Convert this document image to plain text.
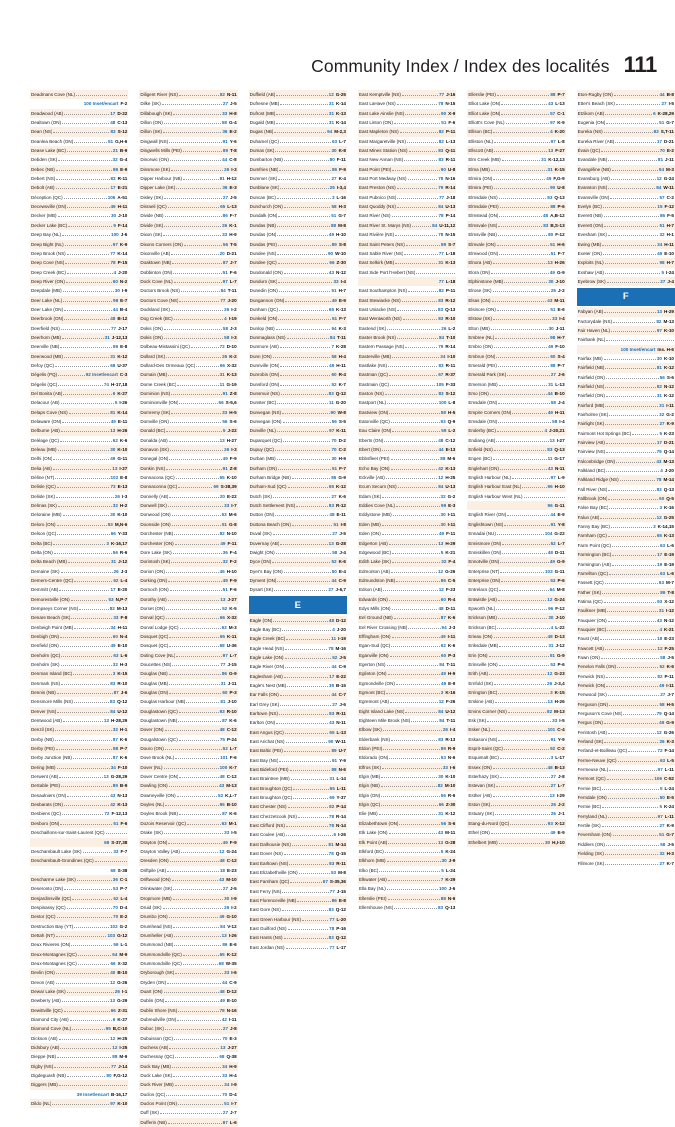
Community Index / Index des localités 111
Deadmans Cove (NL)
100 Inset/encart F-2
Deadwood (AB)	17 D-22
Dealtown (ON)	48 C-13
Dean (NS)	83 S-12
Deanlea Beach (ON)	51 G,H-6
Dease Lake (BC)	21 B-9
Debden (SK)	32 G-4
Debec (NB)	86 E-9
Debert (NS)	83 R-11
Debolt (AB)	17 E-21
Déception (QC)	106 A-51
Decewsville (ON)	49 H-11
Decker (MB)	30 J-10
Decker Lake (BC)	9 F-14
Deep Bay (NL)	100 J-6
Deep Bight (NL)	97 K-9
Deep Brook (NS)	77 K-14
Deep Cove (NS)	78 P-15
Deep Creek (BC)	4 J-20
Deep River (ON)	60 N-2
Deepdale (MB)	30 I-9
Deer Lake (NL)	98 E-7
Deer Lake (ON)	44 B-4
Deerbrook (ON)	48 B-12
Deerfield (NS)	77 J-17
Deerhorn (MB)	31 J-12,13
Deerville (NB)	86 E-8
Deerwood (MB)	31 K-12
Defoy (QC)	68 U-37
Dégelis (PQ)	92 Inset/encart C-3
Dégelis (QC)	74 H-17,18
Del Bonita (AB)	6 K-27
Delacour (AB)	5 I-26
Delaps Cove (NS)	81 K-14
Delaware (ON)	49 E-11
Delburne (AB)	13 H-26
Deléage (QC)	62 K-6
Deleau (MB)	30 K-10
Delhi (ON)	49 G-11
Delia (AB)	13 I-27
Déline (NT)	102 E-8
Delisle (QC)	73 E-13
Delisle (SK)	26 I-3
Delmas (SK)	32 H-2
Deloraine (MB)	30 K-10
Deloro (ON)	53 M,N-6
Delson (QC)	66 Y-33
Delta (BC)	3 K-16,17
Delta (ON)	56 R-6
Delta Beach (MB)	31 J-12
Demaine (SK)	26 J-3
Demers-Centre (QC)	62 L-4
Demmitt (AB)	17 E-20
Demorestville (ON)	53 N,P-7
Dempseys Corner (NS)	82 M-13
Denare Beach (SK)	33 F-8
Denbeigh Point (MB)	34 H-11
Denbigh (ON)	60 N-4
Denfield (ON)	49 E-10
Denholm (QC)	63 L-6
Denholm (SK)	32 H-3
Denman Island (BC)	3 K-15
Denmark (NS)	83 R-10
Dennis (NB)	87 J-6
Densmore Mills (NS)	83 Q-12
Denver (NS)	84 U-12
Dentwood (AB)	13 H-28,29
Denzil (SK)	32 H-1
Derby (NB)	87 K-6
Derby (PEI)	88 P-7
Derby Junction (NB)	87 K-6
Dering (MB)	34 F-10
Derwent (AB)	13 G-28,29
DeSable (PEI)	89 B-9
Desaulniers (ON)	43 N-13
Desbarats (ON)	42 K-13
Desbiens (QC)	72 F-12,13
Desboro (ON)	51 F-6
Deschaillons-sur-Saint-Laurent (QC)
68 S-37,38
Deschambault Lake (SK)	33 F-7
Deschambault-Grondines (QC)
68 S-38
Descharme Lake (SK)	36 C-1
Deseronto (ON)	53 P-7
Desjardinsville (QC)	62 L-4
Despinassy (QC)	70 D-4
Destor (QC)	70 E-2
Destruction Bay (YT)	102 G-2
Dettah (NT)	103 G-12
Deux Rivieres (ON)	59 L-1
Deux-Montagnes (QC)	64 M-9
Deux-Montagnes (QC)	66 X-32
Devlin (ON)	40 B-10
Devon (AB)	12 G-26
Dewar Lake (SK)	26 I-1
Dewberry (AB)	13 G-29
Dewittville (QC)	66 Z-31
Diamond City (AB)	6 K-27
Diamond Cove (NL)	95 B,C-10
Dickson (AB)	12 H-25
Didsbury (AB)	12 I-25
Dieppe (NB)	88 M-9
Digby (NS)	77 J-14
Digdeguash (NB)	80 F,G-12
Diggers (MB)
39 Inset/encart B-16,17
Dildo (NL)	97 K-10
Diligent River (NS)	82 N-11
Dilke (SK)	27 J-5
Dillabough (SK)	33 H-8
Dillon (ON)	58 G-4
Dillon (SK)	36 E-2
Dingwall (NS)	91 Y-6
Dingwells Mills (PEI)	89 T-8
Dinorwic (ON)	44 C-8
Dinsmore (SK)	26 I-3
Dipper Harbour (NB)	81 H-12
Dipper Lake (SK)	36 E-3
Disley (SK)	27 J-5
Disraeli (QC)	65 L-13
Divide (NB)	86 F-7
Divide (SK)	26 K-1
Dixon (SK)	33 H-9
Dixons Corners (ON)	56 T-5
Dixonville (AB)	20 D-21
Doaktown (NB)	87 J-7
Dobbinton (ON)	51 F-6
Dock Cove (NL)	97 L-7
Doctors Brook (NS)	84 T-11
Doctors Cove (NS)	77 J-20
Dodsland (SK)	26 I-2
Dog Creek (BC)	4 I-19
Dokis (ON)	58 J-3
Dokis (ON)	58 I-3
Dolbeau-Mistassini (QC)	72 D-10
Dollard (SK)	26 K-2
Dollard-Des Ormeaux (QC)	66 X-32
Domain (MB)	31 K-13
Dome Creek (BC)	11 G-19
Dominion (NS)	91 Z-8
Dominionville (ON)	56 S-5,6
Domremy (SK)	33 H-5
Domville (ON)	56 S-6
Donald (BC)	5 J-22
Donalda (AB)	13 H-27
Donavon (SK)	26 I-3
Donegal (ON)	49 F-9
Donkin (NS)	91 Z-8
Donnacona (QC)	65 K-10
Donnaconna (QC)	69 S-38,39
Donnelly (AB)	20 E-22
Donwell (SK)	33 I-7
Donwood (ON)	53 M-6
Doonside (ON)	51 G-8
Dorchester (NB)	82 N-10
Dorchester (ON)	49 F-11
Dore Lake (SK)	36 F-4
Dorintosh (SK)	32 F-2
Dorion (ON)	45 H-10
Dorking (ON)	49 F-9
Dornoch (ON)	51 F-6
Dorothy (AB)	13 J-27
Dorset (ON)	52 K-5
Dorval (QC)	66 X-32
Dorval Lodge (QC)	63 M-3
Dosquet (QC)	65 K-11
Dosquet (QC)	68 U-36
Doting Cove (NL)	97 L-7
Doucettes (NS)	77 J-15
Douglas (NB)	86 G-9
Douglas (MB)	31 J-11
Douglas (ON)	60 P-3
Douglas Harbour (NB)	81 J-10
Douglastown (QC)	93 R-10
Douglastown (NB)	87 K-6
Dover (ON)	48 C-12
Dougalstown (QC)	75 P-24
Douro (ON)	52 L-7
Dove Brook (NL)	101 F-6
Dover (NL)	100 K-7
Dover Centre (ON)	48 C-12
Dowling (ON)	43 M-13
Downeyville (ON)	52 K,L-7
Doyles (NL)	95 B-10
Doyles Brook (NB)	87 K-6
Dozois Reservoir (QC)	63 M-1
Drake (SK)	33 I-5
Drayton (ON)	49 F-9
Drayton Valley (AB)	12 G-24
Dresden (ON)	48 C-12
Driftpile (AB)	18 E-23
Driftwood (ON)	43 M-10
Drinkwater (SK)	27 J-5
Dropmore (MB)	30 I-9
Druid (SK)	26 I-2
Drumbo (ON)	49 G-10
Drumhead (NS)	84 V-12
Drumheller (AB)	13 I-26
Drummond (NB)	86 E-6
Drummondville (QC)	65 K-12
Drummondville (QC)	68 W-35
Dryborough (SK)	33 I-6
Dryden (ON)	44 C-9
Duart (ON)	48 D-12
Dublin (ON)	49 E-10
Dublin Shore (NS)	78 N-16
Dubreuilville (ON)	42 I-11
Dubuc (SK)	27 J-8
Dubuisson (QC)	70 E-3
Duchess (AB)	13 J-27
Duchesnay (QC)	68 Q-38
Duck Bay (MB)	34 H-9
Duck Lake (SK)	33 H-4
Duck River (MB)	34 I-9
Duclos (QC)	70 D-4
Duclos Point (ON)	51 I-7
Duff (SK)	27 J-7
Dufferin (NB)	87 L-6
Duffield (AB)	12 G-25
Dufresne (MB)	31 K-14
Dufrost (MB)	31 K-13
Dugald (MB)	31 K-14
Dugas (NB)	94 M-2,3
Duhamel (QC)	63 L-7
Dumas (SK)	30 K-8
Dumbarton (NB)	80 F-11
Dumfries (NB)	86 F-9
Dummer (SK)	27 K-4
Dunblane (SK)	26 I-3,4
Duncan (BC)	3 L-16
Dunchurch (ON)	58 H-3
Dundalk (ON)	51 G-7
Dundas (NB)	88 M-8
Dundas (ON)	49 H-10
Dundas (PEI)	89 S-8
Dundee (NS)	90 W-10
Dundee (QC)	66 Z-30
Dundonald (ON)	43 N-12
Dundurn (SK)	33 I-4
Dunedin (ON)	51 H-7
Dungannon (ON)	49 E-9
Dunham (QC)	65 K-13
Dunkeld (ON)	51 F-7
Dunlop (NB)	94 K-3
Dunmaglass (NS)	84 T-11
Dunmore (AB)	7 K-28
Dunn (ON)	58 H-4
Dunnville (ON)	49 H-11
Dunrobin (ON)	60 R-4
Dunsford (ON)	52 K-7
Dunsmuir (NS)	83 Q-12
Dunster (BC)	11 G-20
Dunvegan (NS)	90 W-8
Dunvegan (ON)	56 S-5
Dunville (NL)	97 K-11
Duparquet (QC)	70 D-2
Dupuy (QC)	70 C-2
Durban (MB)	30 H-9
Durham (ON)	51 F-7
Durham Bridge (NB)	86 G-9
Durham-Sud (QC)	65 K-12
Dutch (SK)	27 K-6
Dutch Settlement (NS)	83 R-12
Dutton (ON)	48 E-11
Duttona Beach (ON)	51 I-8
Duval (SK)	27 J-5
Duvernay (AB)	13 G-28
Dwight (ON)	58 J-4
Dyce (ON)	52 K-6
Dyer's Bay (ON)	50 E-4
Dyment (ON)	44 C-9
Dysart (SK)	27 J-6,7
E
Eagle (ON)	48 D-12
Eagle Bay (BC)	4 J-20
Eagle Creek (BC)	11 I-19
Eagle Head (NS)	78 M-16
Eagle Lake (ON)	52 J-5
Eagle River (ON)	44 C-9
Eaglesham (AB)	17 E-22
Eagle's Nest (MB)	39 B-15
Ear Falls (ON)	44 C-7
Earl Grey (SK)	27 J-6
Earltown (NS)	83 R-11
Earlton (ON)	43 N-11
East Angus (QC)	65 L-13
East Arichat (NS)	90 W-11
East Baltic (PEI)	89 U-7
East Bay (NS)	91 Y-9
East Bideford (PEI)	88 N-6
East Braintree (MB)	31 L-14
East Broughton (QC)	65 L-11
East Broughton (QC)	69 Y-37
East Chester (NS)	82 P-14
East Chezzetcook (NS)	78 R-14
East Clifford (NS)	78 N-14
East Coulee (AB)	6 I-26
East Dalhousie (NS)	81 M-14
East Dover (NS)	78 Q-15
East Earltown (NS)	83 R-11
East Elizabethville (ON)	53 M-8
East Farnham (QC)	67 S-35,36
East Ferry (NS)	77 J-15
East Florenceville (NB)	86 E-8
East Gore (NS)	83 Q-12
East Green Harbour (NS)	77 L-20
East Guilford (NS)	78 P-16
East Hants (NS)	83 Q-12
East Jordan (NS)	77 L-17
East Kemptville (NS)	77 J-16
East LaHave (NS)	78 N-15
East Lake Ainslie (NS)	90 X-9
East Linton (ON)	51 F-6
East Mapleton (NS)	82 P-11
East Margaretville (NS)	82 L-13
East Mines Station (NS)	83 Q-11
East New Annan (NS)	83 R-11
East Point (PEI)	90 U-8
East Port Medway (NS)	78 N-16
East Preston (NS)	79 R-14
East Pubnico (NS)	77 J-18
East Quoddy (NS)	84 U-13
East River (NS)	78 P-14
East River St. Marys (NS)	84 U-11,12
East Rivière (NS)	78 N-15
East Saint Peters (NS)	89 S-7
East Sable River (NS)	77 L-18
East Selkirk (MB)	31 K-13
East Side Port l'Hebert (NS)
77 L-18
East Southampton (NS)	82 P-11
East Stewiacke (NS)	83 R-12
East Uniacke (NS)	83 Q-13
East Wentworth (NS)	83 R-10
Eastend (SK)	26 L-2
Easter Brook (NS)	84 T-10
Eastern Passage (NS)	79 R-14
Easterville (MB)	34 I-10
Eastlake (NS)	83 R-11
Eastman (QC)	67 R-37
Eastmain (QC)	105 F-33
Easton (NS)	83 S-12
Eastport (NL)	100 L-8
Eastview (ON)	58 H-5
Eatonville (QC)	93 Q-9
Eau Claire (ON)	59 L-2
Eberts (ON)	48 C-12
Ebert (ON)	44 E-13
Ebbsfleet (PEI)	88 M-6
Echo Bay (ON)	42 K-13
Eckville (AB)	12 H-25
Ecum Secum (NS)	84 U-13
Edam (SK)	32 G-2
Eddies Cove (NL)	99 E-3
Eddystone (MB)	30 I-11
Eden (MB)	30 I-11
Eden (ON)	49 F-11
Edgerton (AB)	13 H-29
Edgewood (BC)	5 K-21
Edith Lake (SK)	32 F-4
Edmonton (AB)	12 G-26
Edmundston (NB)	86 C-5
Edson (AB)	12 F-23
Edwards (ON)	60 R-4
Edys Mills (ON)	48 D-11
Eel Ground (NB)	87 K-6
Eel River Crossing (NB)	94 J-3
Effingham (ON)	49 I-11
Egan-Sud (QC)	62 K-6
Eganville (ON)	60 P-3
Egerton (NS)	84 T-11
Eglinton (ON)	49 H-9
Egmondville (ON)	49 E-9
Egmont (BC)	3 K-16
Egremont (AB)	12 F-26
Eight Island Lake (NS)	84 U-12
Eighteen Mile Brook (NS)	84 T-11
Elbow (SK)	26 I-4
Elderbank (NS)	83 R-13
Eldon (PEI)	89 R-9
Eldorado (ON)	53 N-6
Elfros (SK)	33 I-6
Elgin (MB)	30 K-10
Elgin (NB)	82 M-10
Elgin (ON)	56 R-6
Elgin (QC)	66 Z-30
Elie (MB)	31 K-12
Elizabethtown (ON)	56 S-6
Elk Lake (ON)	43 M-11
Elk Point (AB)	13 G-28
Elkford (BC)	5 K-24
Elkhorn (MB)	30 J-9
Elko (BC)	5 L-24
Elkwater (AB)	7 K-29
Ella Bay (NL)	100 J-6
Ellerslie (PEI)	88 N-6
Ellershouse (NS)	83 Q-13
Ellerslie (PEI)	88 P-7
Elliot Lake (ON)	43 L-13
Elliot Lake (ON)	57 C-1
Elliott's Cove (NL)	97 K-9
Ellison (BC)	4 K-20
Elliston (NL)	97 L-8
Ellscott (AB)	13 F-27
Elm Creek (MB)	31 K-12,13
Elma (MB)	31 K-15
Elmira (ON)	49 F,G-9
Elmira (PEI)	90 U-8
Elmsdale (NS)	83 Q-13
Elmsdale (PEI)	88 P-6
Elmstead (ON)	48 A,B-12
Elmsvale (NS)	83 B,S-13
Elmsville (NB)	80 F-12
Elmvale (ON)	51 H-6
Elmwood (ON)	51 F-7
Elnora (AB)	13 H-26
Elora (ON)	49 G-9
Elphinstone (MB)	30 J-10
Elrose (SK)	26 J-2
Elsas (ON)	43 M-11
Elsinore (ON)	51 E-6
Elstow (SK)	33 I-4
Elton (MB)	30 J-11
Embree (NL)	98 H-7
Embro (ON)	49 F-10
Embrun (ON)	60 S-4
Emerald (PEI)	88 P-7
Emerald Park (SK)	27 J-6
Emerson (MB)	31 L-13
Emo (ON)	44 B-10
Emsdale (ON)	58 J-4
Empire Corners (ON)	49 H-11
Emsdale (ON)	58 I-4
Enderby (BC)	4 J-20,21
Endiang (AB)	13 I-27
Enfield (NS)	83 Q-13
Engen (BC)	11 G-17
Englehart (ON)	43 N-11
English Harbour (NL)	97 L-9
English Harbour East (NL)	96 H-10
English Harbour West (NL)
96 G-11
English River (ON)	44 E-9
Englishtown (NS)	91 Y-8
Ennadai (NU)	104 G-22
Ennismore (ON)	52 L-7
Enniskillen (ON)	48 D-11
Ennotville (ON)	49 G-9
Enterprise (NT)	103 G-11
Enterprise (ON)	53 P-6
Entrelacs (QC)	64 M-8
Entwistle (AB)	12 G-24
Epworth (NL)	96 F-12
Erickson (MB)	30 J-10
Erickson (BC)	4 L-22
Erieau (ON)	48 D-13
Eriksdale (MB)	31 J-12
Erin (ON)	51 G-9
Erinsville (ON)	53 P-6
Erith (AB)	12 G-23
Ernfold (SK)	26 J-3,4
Errington (BC)	3 K-15
Erskine (AB)	13 H-26
Ervins Corner (NS)	82 M-13
Esk (SK)	33 I-5
Esker (NL)	101 C-4
Eskasoni (NS)	91 Y-9
Esprit-Saint (QC)	92 C-2
Esquimalt (BC)	3 L-17
Essex (ON)	48 B-13
Esterhazy (SK)	27 J-8
Estevan (SK)	27 L-7
Esther (AB)	13 I-29
Eston (SK)	26 J-2
Estuary (SK)	26 J-1
Etang-du-Nord (QC)	93 X-12
Ethel (ON)	49 E-9
Ethelbert (MB)	30 H,I-10
Eton-Rugby (ON)	44 B-8
Etter's Beach (SK)	27 I-5
Etzikom (AB)	6 K-28,29
Eugenia (ON)	51 G-7
Eureka (NS)	83 S,T-11
Eureka River (AB)	17 D-21
Évain (QC)	70 E-2
Evandale (NB)	81 J-11
Évangéline (NB)	94 M-3
Evansburg (AB)	12 G-24
Evanston (NS)	84 W-11
Evansville (ON)	57 C-2
Evelyn (BC)	15 F-12
Everett (NB)	86 F-5
Everett (ON)	51 H-7
Evesham (SK)	32 H-1
Ewing (MB)	34 H-11
Exeter (ON)	49 E-10
Exploits (NL)	98 H-7
Exshaw (AB)	5 I-24
Eyebrow (SK)	27 J-4
F
Fabyan (AB)	13 H-29
Factorydale (NS)	82 M-13
Fair Haven (NL)	97 K-10
Fairbank (NL)
100 Inset/encart Ins. H-6
Fairfax (MB)	30 K-10
Fairfield (NB)	81 K-12
Fairfield (ON)	56 S-6
Fairfield (NS)	82 N-12
Fairfield (ON)	31 K-12
Fairford (MB)	31 I-11
Fairholme (SK)	32 G-2
Fairlight (SK)	27 K-9
Fairmont Hot Springs (BC)	5 K-23
Fairview (AB)	17 D-21
Fairview (NS)	79 Q-14
Falconbridge (ON)	43 M-13
Falkland (BC)	4 J-20
Falkland Ridge (NS)	78 M-14
Fall River (NS)	83 Q-13
Fallbrook (ON)	60 Q-5
False Bay (BC)	3 K-16
Falun (AB)	12 G-25
Fanny Bay (BC)	3 K-14,15
Farnham (QC)	65 K-13
Farm Point (QC)	63 L-6
Farmington (BC)	17 E-19
Farmington (AB)	19 E-19
Farrellton (QC)	63 L-6
Fassett (QC)	63 M-7
Father (SK)	89 T-8
Fatima (QC)	93 X-12
Faulkner (MB)	31 I-12
Fauquier (ON)	43 N-12
Fauquier (BC)	4 K-21
Faust (AB)	18 E-23
Fawcett (AB)	12 F-25
Fawn (ON)	58 J-5
Fenelon Falls (ON)	52 K-6
Fenwick (NS)	82 P-11
Fenwick (ON)	49 I-11
Fenwood (SK)	27 J-7
Ferguson (ON)	58 H-5
Ferguson's Cove (NS)	79 Q-14
Fergus (ON)	49 G-9
Ferintosh (AB)	12 G-26
Ferland (SK)	26 K-3
Ferland-et-Boilleau (QC)	72 F-14
Ferme-Neuve (QC)	63 L-5
Fermeuse (NL)	97 L-11
Fermont (QC)	106 C-52
Fernie (BC)	5 L-24
Ferndale (ON)	50 E-5
Fernie (BC)	5 K-24
Ferryland (NL)	97 L-11
Fertile (SK)	27 K-9
Feversham (ON)	51 G-7
Fiddlers (ON)	58 J-5
Fielding (SK)	32 H-3
Fillmore (SK)	27 K-7
